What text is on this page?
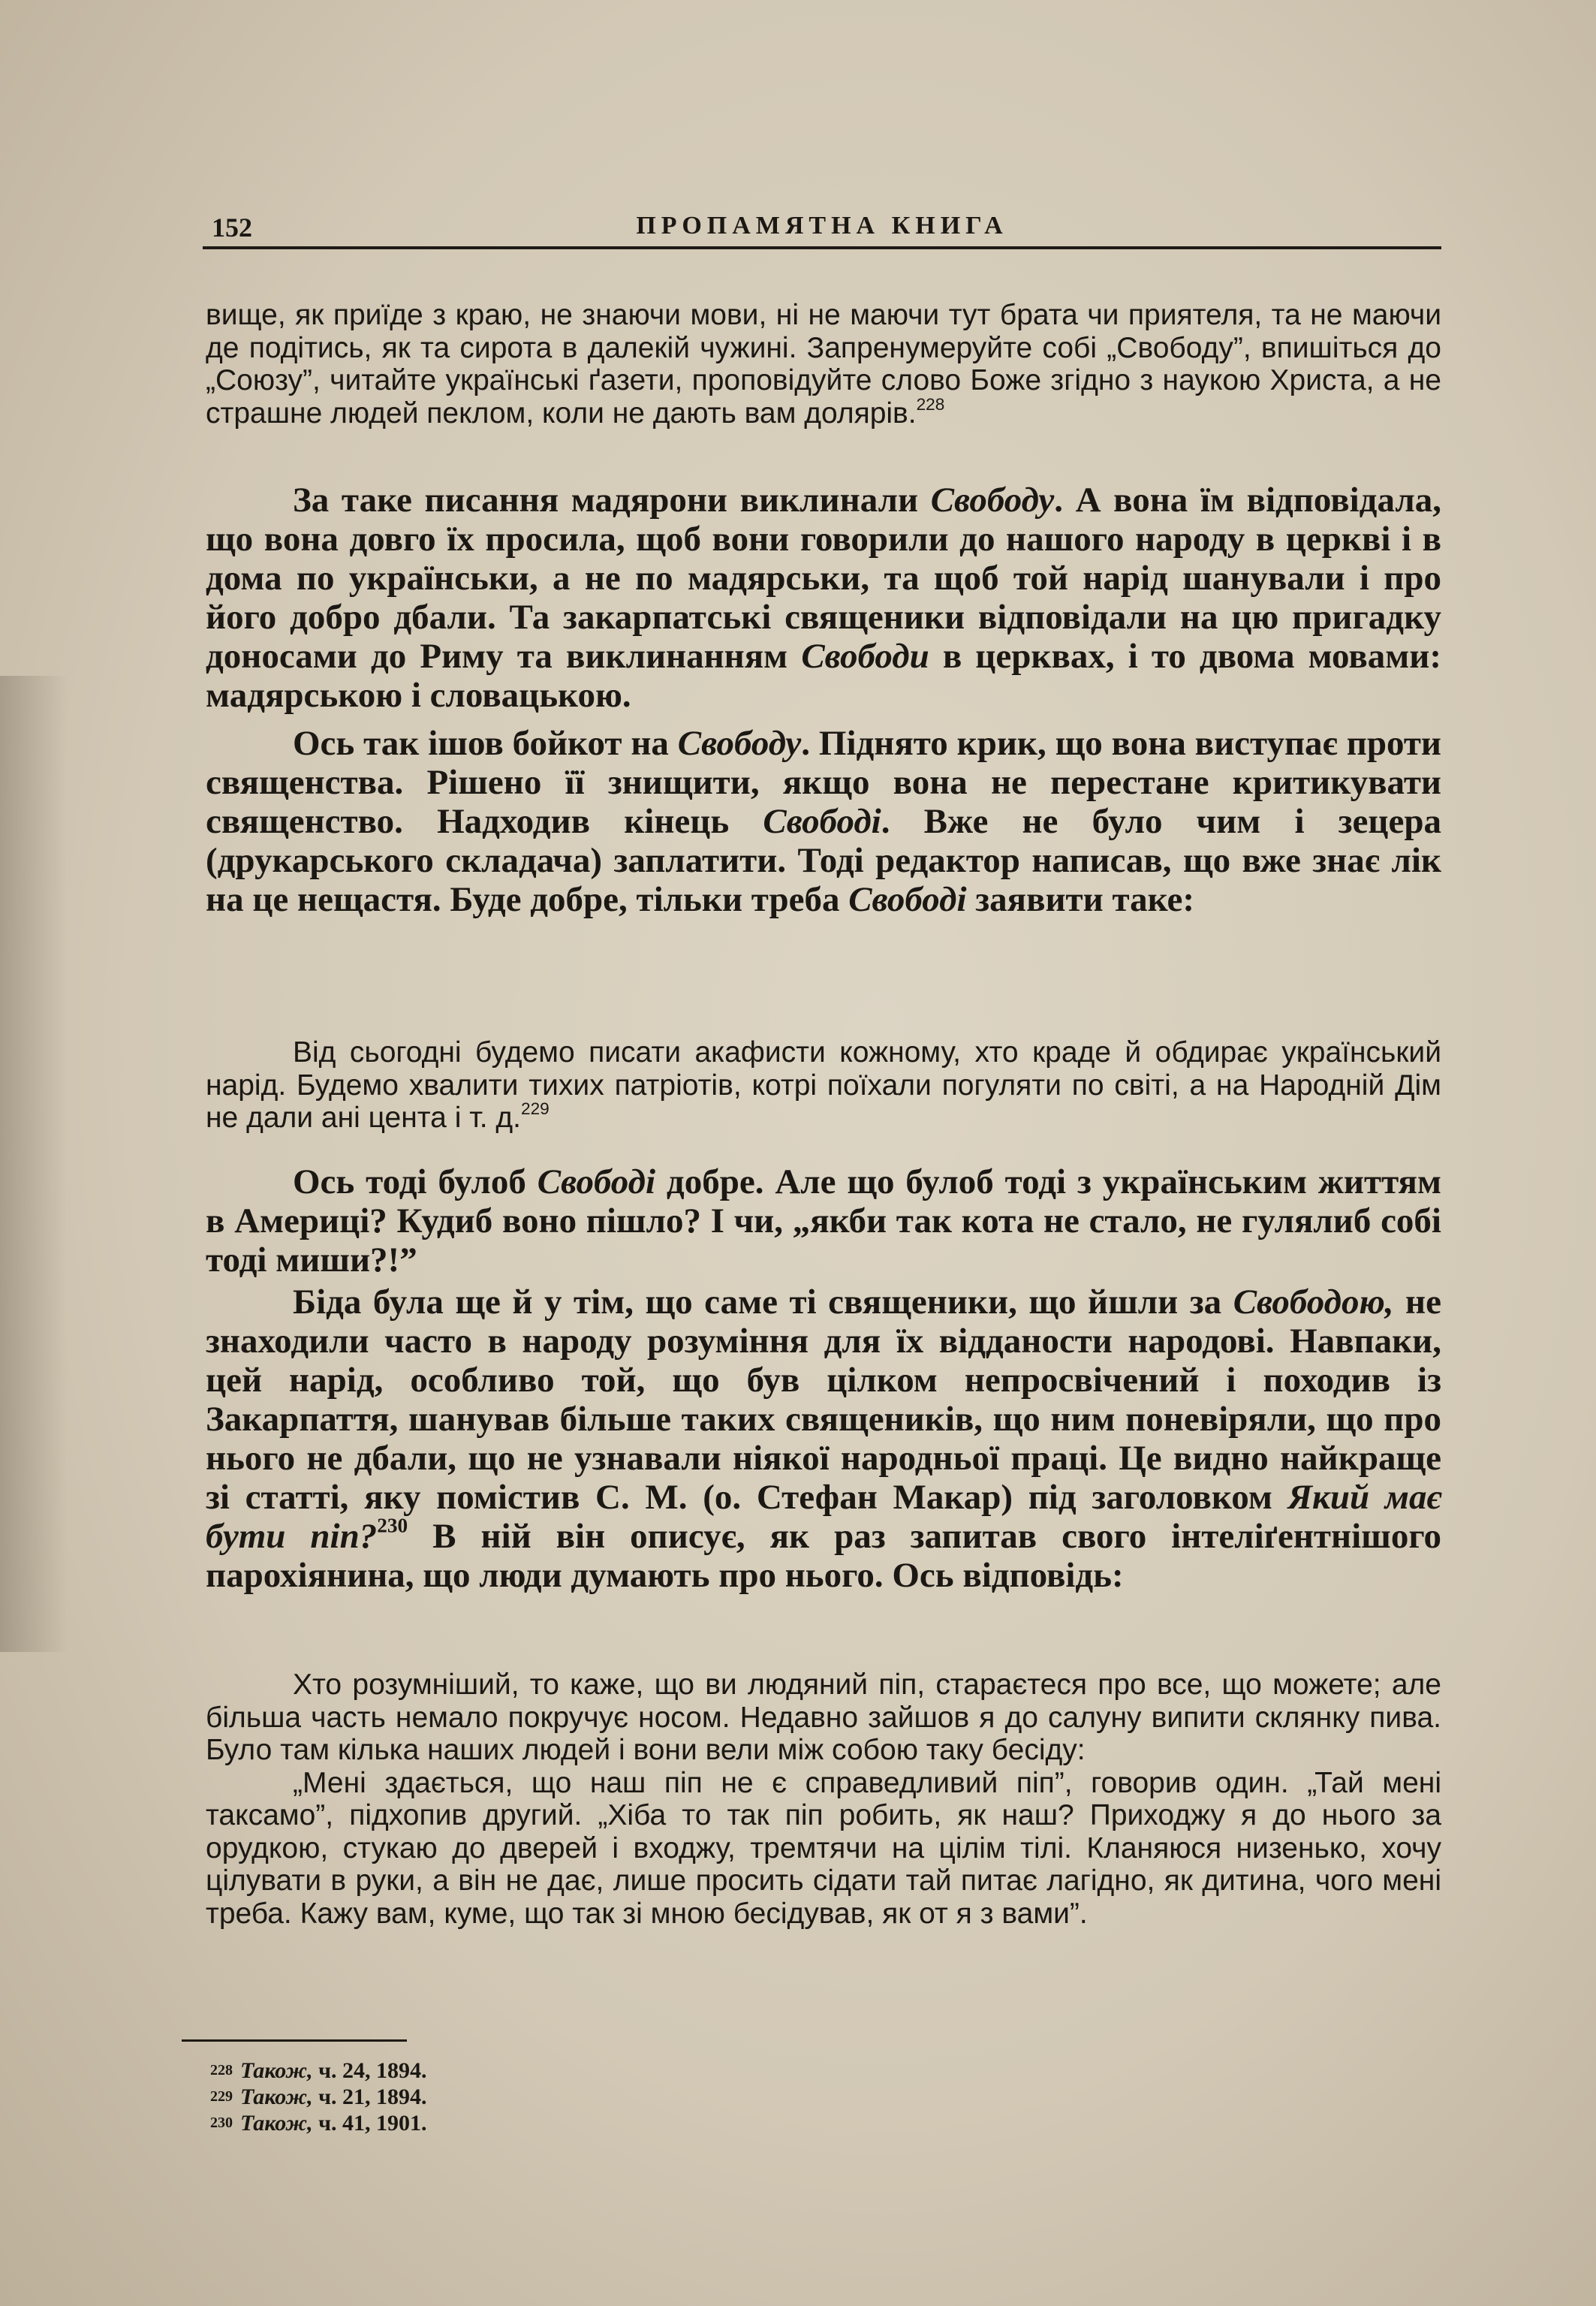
152	ПРОПАМЯТНА КНИГА

вище, як приїде з краю, не знаючи мови, ні не маючи тут брата чи приятеля, та не маючи де подітись, як та сирота в далекій чужині. Запренумеруйте собі „Свободу”, впишіться до „Союзу”, читайте українські ґазети, проповідуйте слово Боже згідно з наукою Христа, а не страшне людей пеклом, коли не дають вам долярів.$^{228}$

За таке писання мадярони виклинали Свободу. А вона їм відповідала, що вона довго їх просила, щоб вони говорили до нашого народу в церкві і в дома по українськи, а не по мадярськи, та щоб той нарід шанували і про його добро дбали. Та закарпатські священики відповідали на цю пригадку доносами до Риму та виклинанням Свободи в церквах, і то двома мовами: мадярською і словацькою.

Ось так ішов бойкот на Свободу. Піднято крик, що вона виступає проти священства. Рішено її знищити, якщо вона не перестане критикувати священство. Надходив кінець Свободі. Вже не було чим і зецера (друкарського складача) заплатити. Тоді редактор написав, що вже знає лік на це нещастя. Буде добре, тільки треба Свободі заявити таке:

Від сьогодні будемо писати акафисти кожному, хто краде й обдирає український нарід. Будемо хвалити тихих патріотів, котрі поїхали погуляти по світі, а на Народній Дім не дали ані цента і т. д.$^{229}$

Ось тоді булоб Свободі добре. Але що булоб тоді з українським життям в Америці? Кудиб воно пішло? І чи, „якби так кота не стало, не гулялиб собі тоді миши?!”

Біда була ще й у тім, що саме ті священики, що йшли за Свободою, не знаходили часто в народу розуміння для їх відданости народові. Навпаки, цей нарід, особливо той, що був цілком непросвічений і походив із Закарпаття, шанував більше таких священиків, що ним поневіряли, що про нього не дбали, що не узнавали ніякої народньої праці. Це видно найкраще зі статті, яку помістив С. М. (о. Стефан Макар) під заголовком Який має бути піп?$^{230}$ В ній він описує, як раз запитав свого інтеліґентнішого парохіянина, що люди думають про нього. Ось відповідь:

Хто розумніший, то каже, що ви людяний піп, стараєтеся про все, що можете; але більша часть немало покручує носом. Недавно зайшов я до салуну випити склянку пива. Було там кілька наших людей і вони вели між собою таку бесіду:

„Мені здається, що наш піп не є справедливий піп”, говорив один. „Тай мені таксамо”, підхопив другий. „Хіба то так піп робить, як наш? Приходжу я до нього за орудкою, стукаю до дверей і входжу, тремтячи на цілім тілі. Кланяюся низенько, хочу цілувати в руки, а він не дає, лише просить сідати тай питає лагідно, як дитина, чого мені треба. Кажу вам, куме, що так зі мною бесідував, як от я з вами”.

228 Також, ч. 24, 1894.
229 Також, ч. 21, 1894.
230 Також, ч. 41, 1901.
